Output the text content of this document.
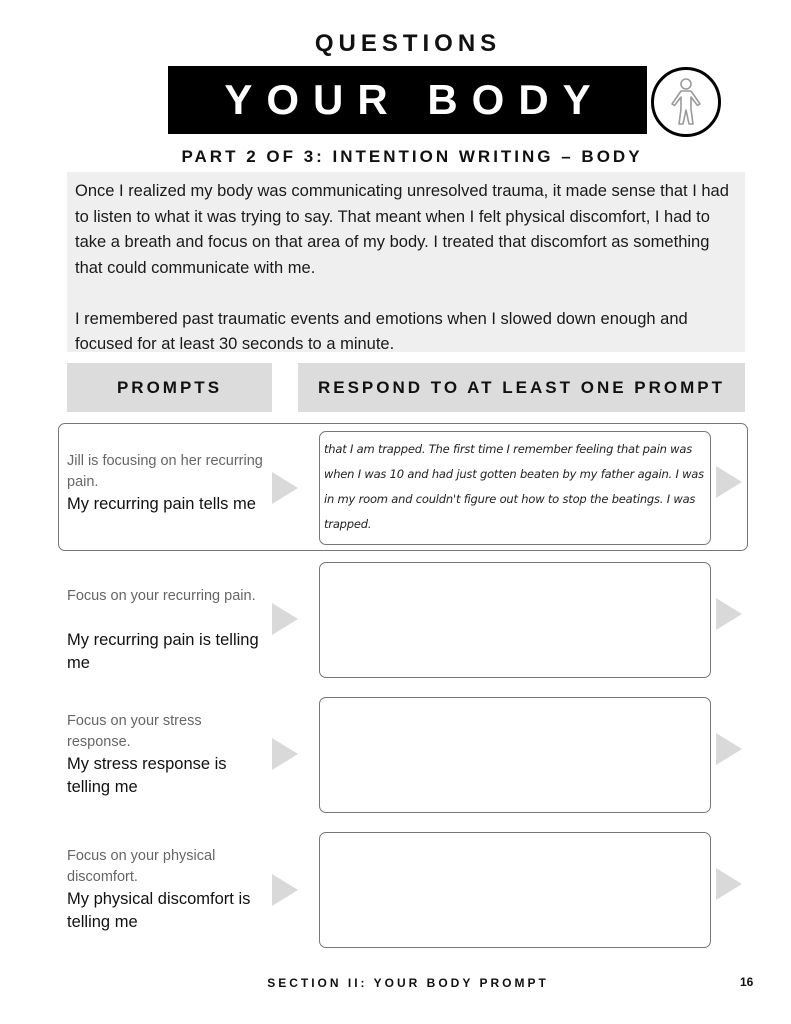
QUESTIONS
YOUR BODY
PART 2 OF 3: INTENTION WRITING – BODY

Once I realized my body was communicating unresolved trauma, it made sense that I had to listen to what it was trying to say. That meant when I felt physical discomfort, I had to take a breath and focus on that area of my body. I treated that discomfort as something that could communicate with me.

I remembered past traumatic events and emotions when I slowed down enough and focused for at least 30 seconds to a minute.

PROMPTS	RESPOND TO AT LEAST ONE PROMPT
Jill is focusing on her recurring pain.
My recurring pain tells me
that I am trapped. The first time I remember feeling that pain was when I was 10 and had just gotten beaten by my father again. I was in my room and couldn't figure out how to stop the beatings. I was trapped.
Focus on your recurring pain.
My recurring pain is telling me
Focus on your stress response.
My stress response is telling me
Focus on your physical discomfort.
My physical discomfort is telling me
SECTION II: YOUR BODY PROMPT	16
